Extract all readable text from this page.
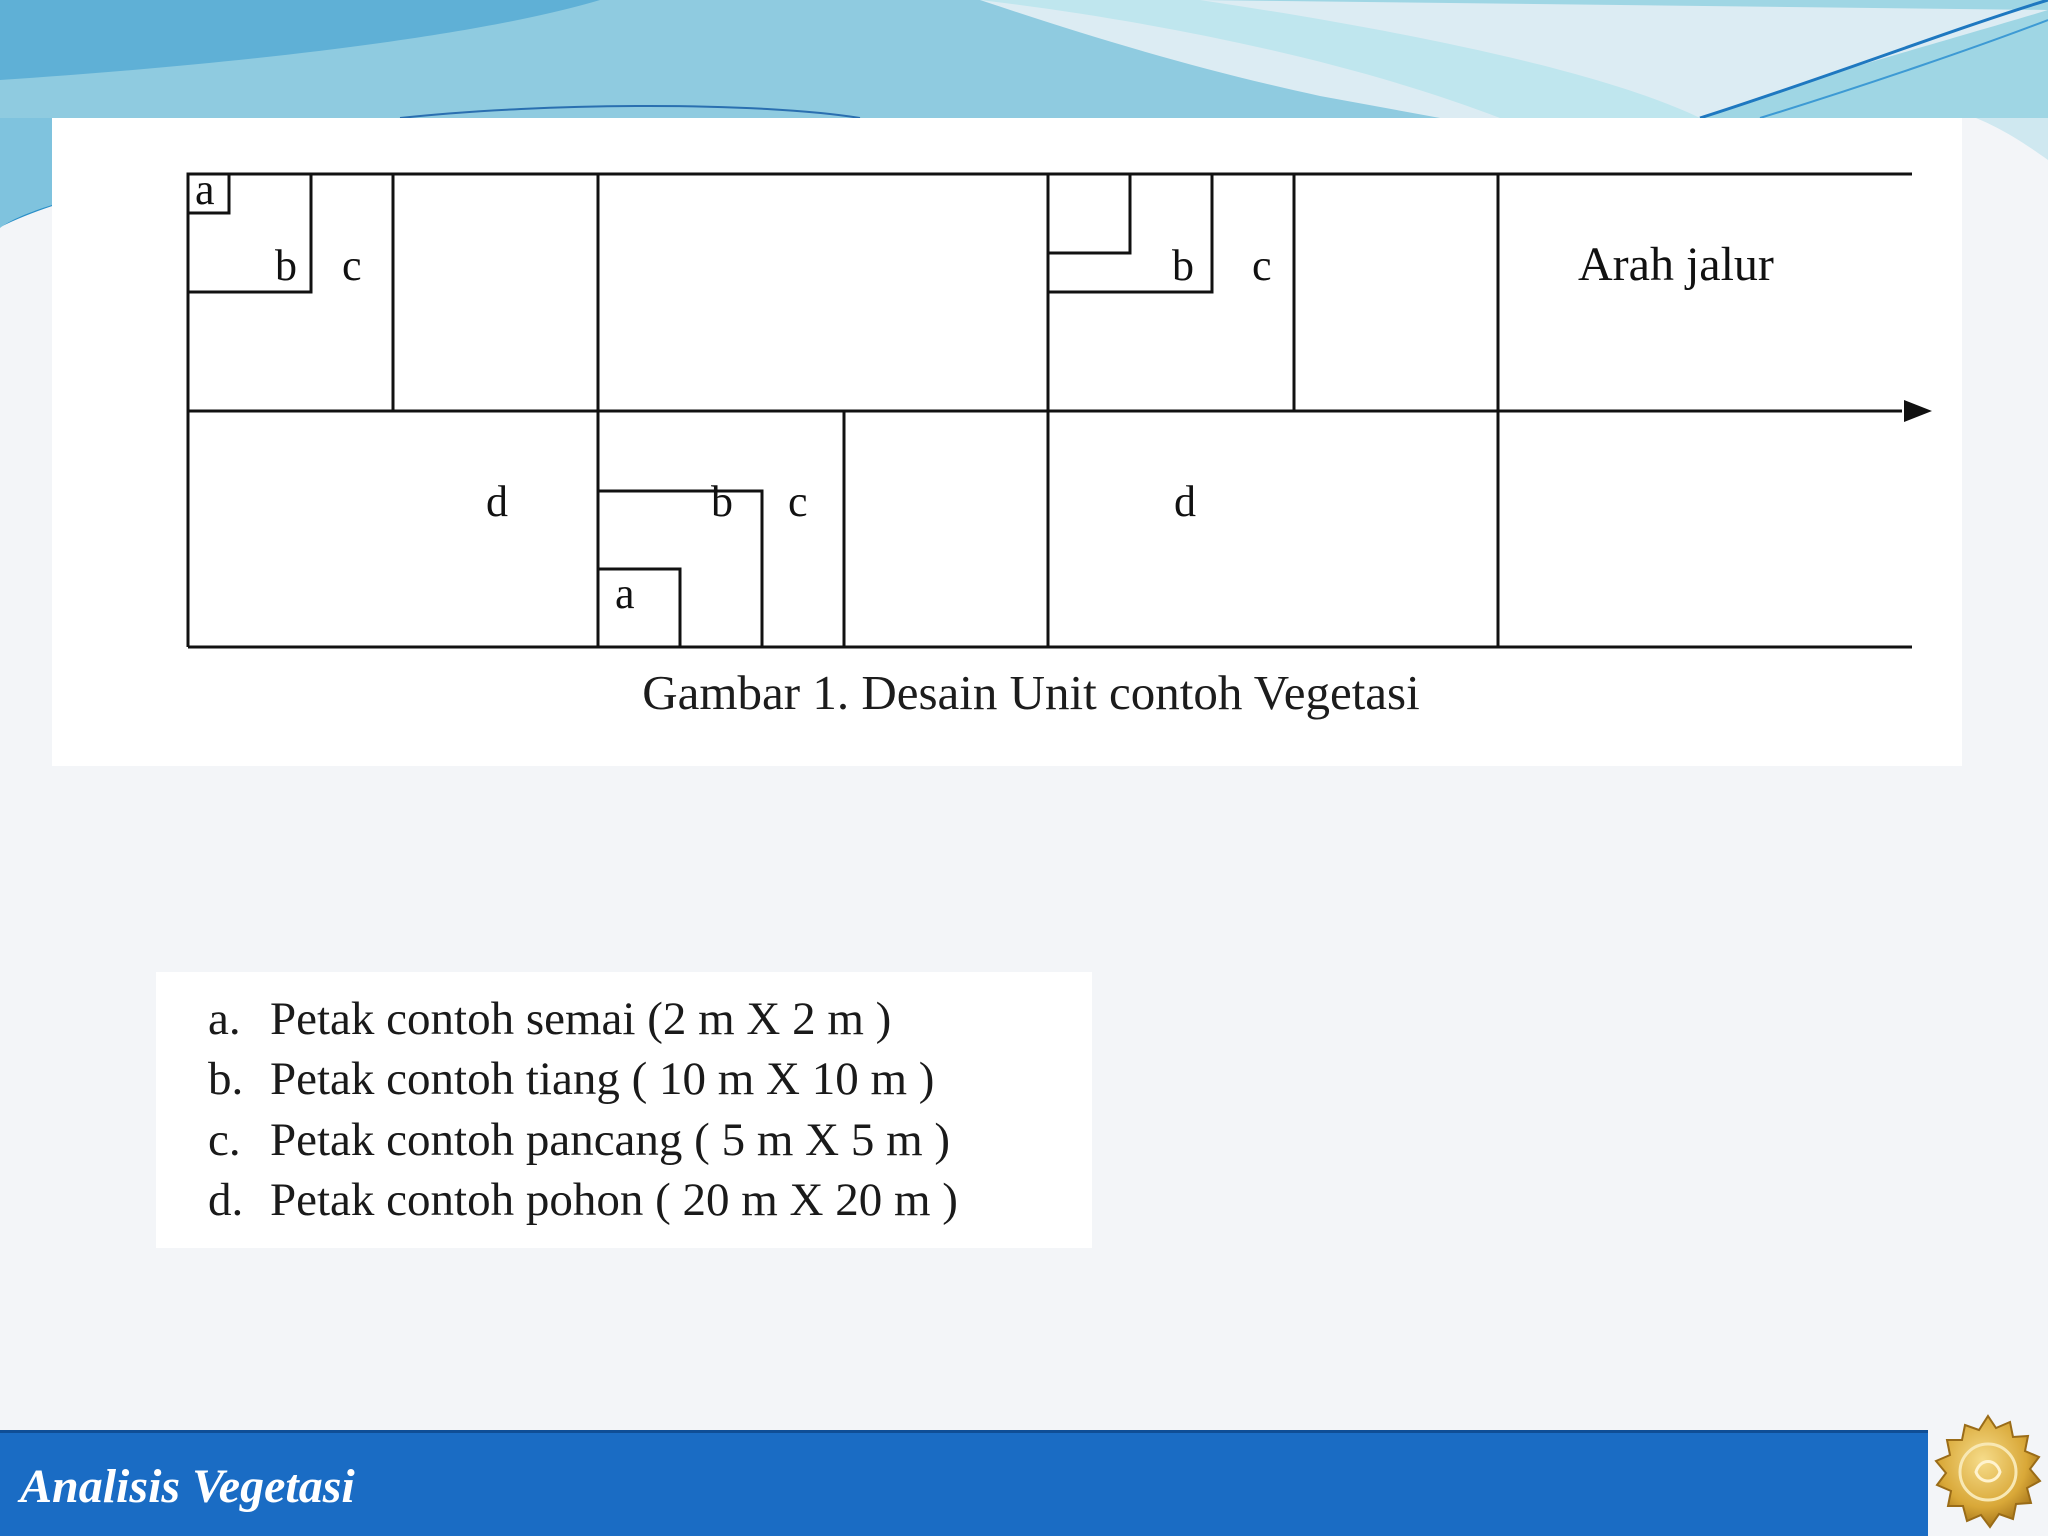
a
b c	b c	Arah jalur
d	b c
a
d
Gambar 1. Desain Unit contoh Vegetasi
a. Petak contoh semai (2 m X 2 m )
b. Petak contoh tiang ( 10 m X 10 m )
c. Petak contoh pancang ( 5 m X 5 m )
d. Petak contoh pohon ( 20 m X 20 m )
Analisis Vegetasi
